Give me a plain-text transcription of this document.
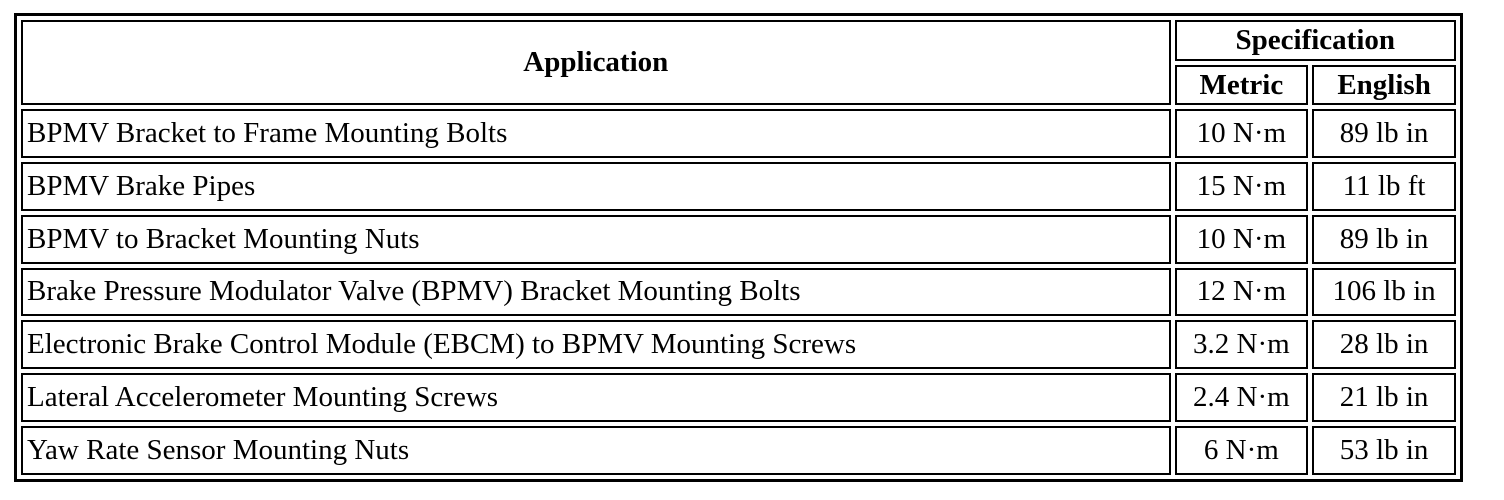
Application	Specification	
	Metric	English
BPMV Bracket to Frame Mounting Bolts	10 N·m	89 lb in
BPMV Brake Pipes	15 N·m	11 lb ft
BPMV to Bracket Mounting Nuts	10 N·m	89 lb in
Brake Pressure Modulator Valve (BPMV) Bracket Mounting Bolts	12 N·m	106 lb in
Electronic Brake Control Module (EBCM) to BPMV Mounting Screws	3.2 N·m	28 lb in
Lateral Accelerometer Mounting Screws	2.4 N·m	21 lb in
Yaw Rate Sensor Mounting Nuts	6 N·m	53 lb in
